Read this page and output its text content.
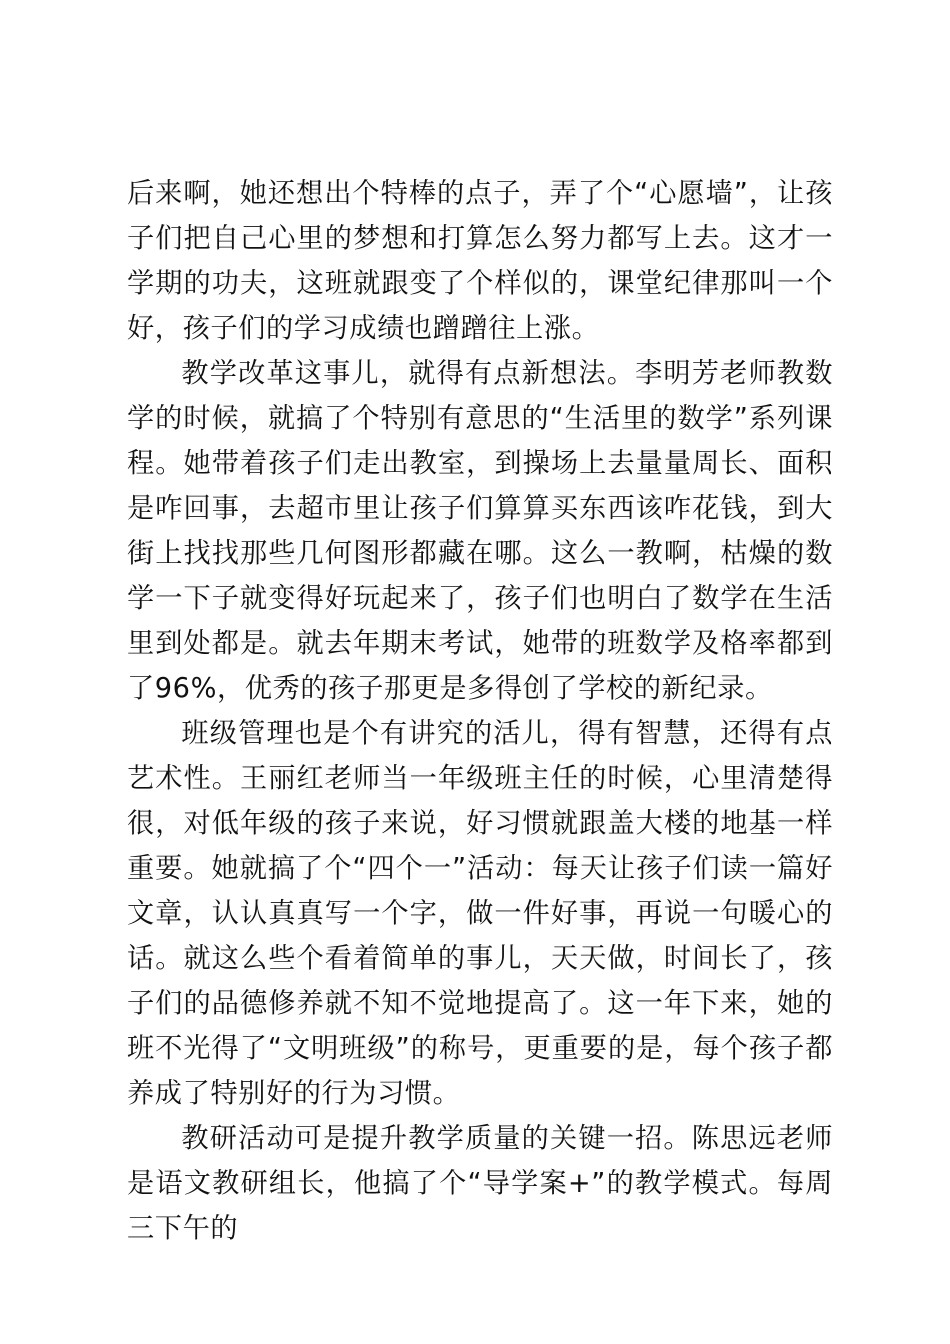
后来啊，她还想出个特棒的点子，弄了个“心愿墙”，让孩子们把自己心里的梦想和打算怎么努力都写上去。这才一学期的功夫，这班就跟变了个样似的，课堂纪律那叫一个好，孩子们的学习成绩也蹭蹭往上涨。

教学改革这事儿，就得有点新想法。李明芳老师教数学的时候，就搞了个特别有意思的“生活里的数学”系列课程。她带着孩子们走出教室，到操场上去量量周长、面积是咋回事，去超市里让孩子们算算买东西该咋花钱，到大街上找找那些几何图形都藏在哪。这么一教啊，枯燥的数学一下子就变得好玩起来了，孩子们也明白了数学在生活里到处都是。就去年期末考试，她带的班数学及格率都到了96%，优秀的孩子那更是多得创了学校的新纪录。

班级管理也是个有讲究的活儿，得有智慧，还得有点艺术性。王丽红老师当一年级班主任的时候，心里清楚得很，对低年级的孩子来说，好习惯就跟盖大楼的地基一样重要。她就搞了个“四个一”活动：每天让孩子们读一篇好文章，认认真真写一个字，做一件好事，再说一句暖心的话。就这么些个看着简单的事儿，天天做，时间长了，孩子们的品德修养就不知不觉地提高了。这一年下来，她的班不光得了“文明班级”的称号，更重要的是，每个孩子都养成了特别好的行为习惯。

教研活动可是提升教学质量的关键一招。陈思远老师是语文教研组长，他搞了个“导学案+”的教学模式。每周三下午的
